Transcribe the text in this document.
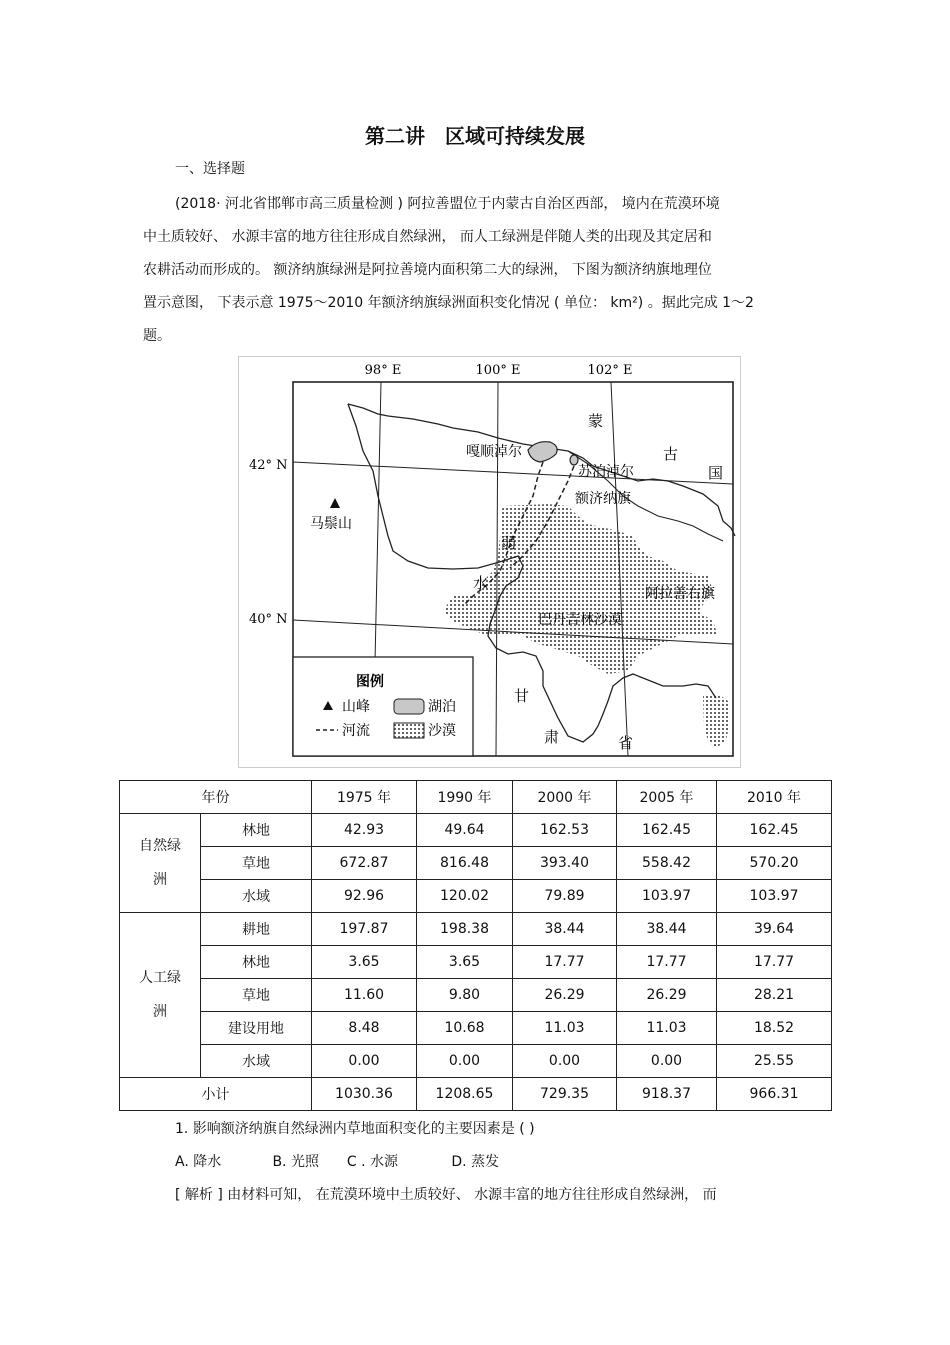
第二讲　区域可持续发展
一、选择题
(2018· 河北省邯郸市高三质量检测 ) 阿拉善盟位于内蒙古自治区西部， 境内在荒漠环境
中土质较好、 水源丰富的地方往往形成自然绿洲， 而人工绿洲是伴随人类的出现及其定居和
农耕活动而形成的。 额济纳旗绿洲是阿拉善境内面积第二大的绿洲， 下图为额济纳旗地理位
置示意图， 下表示意 1975～2010 年额济纳旗绿洲面积变化情况 ( 单位： km²) 。据此完成 1～2
题。
98° E	100° E	102° E
42° N
40° N
蒙
古
国
嘎顺淖尔
苏泊淖尔
额济纳旗
弱
水
马鬃山
阿拉善右旗
巴丹吉林沙漠
甘
肃	省
图例
山峰	湖泊
河流	沙漠
年份		1975 年	1990 年	2000 年	2005 年	2010 年

自然绿
洲	林地	42.93	49.64	162.53	162.45	162.45
	草地	672.87	816.48	393.40	558.42	570.20
	水域	92.96	120.02	79.89	103.97	103.97

人工绿
洲	耕地	197.87	198.38	38.44	38.44	39.64
	林地	3.65	3.65	17.77	17.77	17.77
	草地	11.60	9.80	26.29	26.29	28.21
	建设用地	8.48	10.68	11.03	11.03	18.52
	水域	0.00	0.00	0.00	0.00	25.55
小计		1030.36	1208.65	729.35	918.37	966.31
1. 影响额济纳旗自然绿洲内草地面积变化的主要因素是 ( )
A. 降水	B. 光照 C . 水源	D. 蒸发
[ 解析 ] 由材料可知， 在荒漠环境中土质较好、 水源丰富的地方往往形成自然绿洲， 而
